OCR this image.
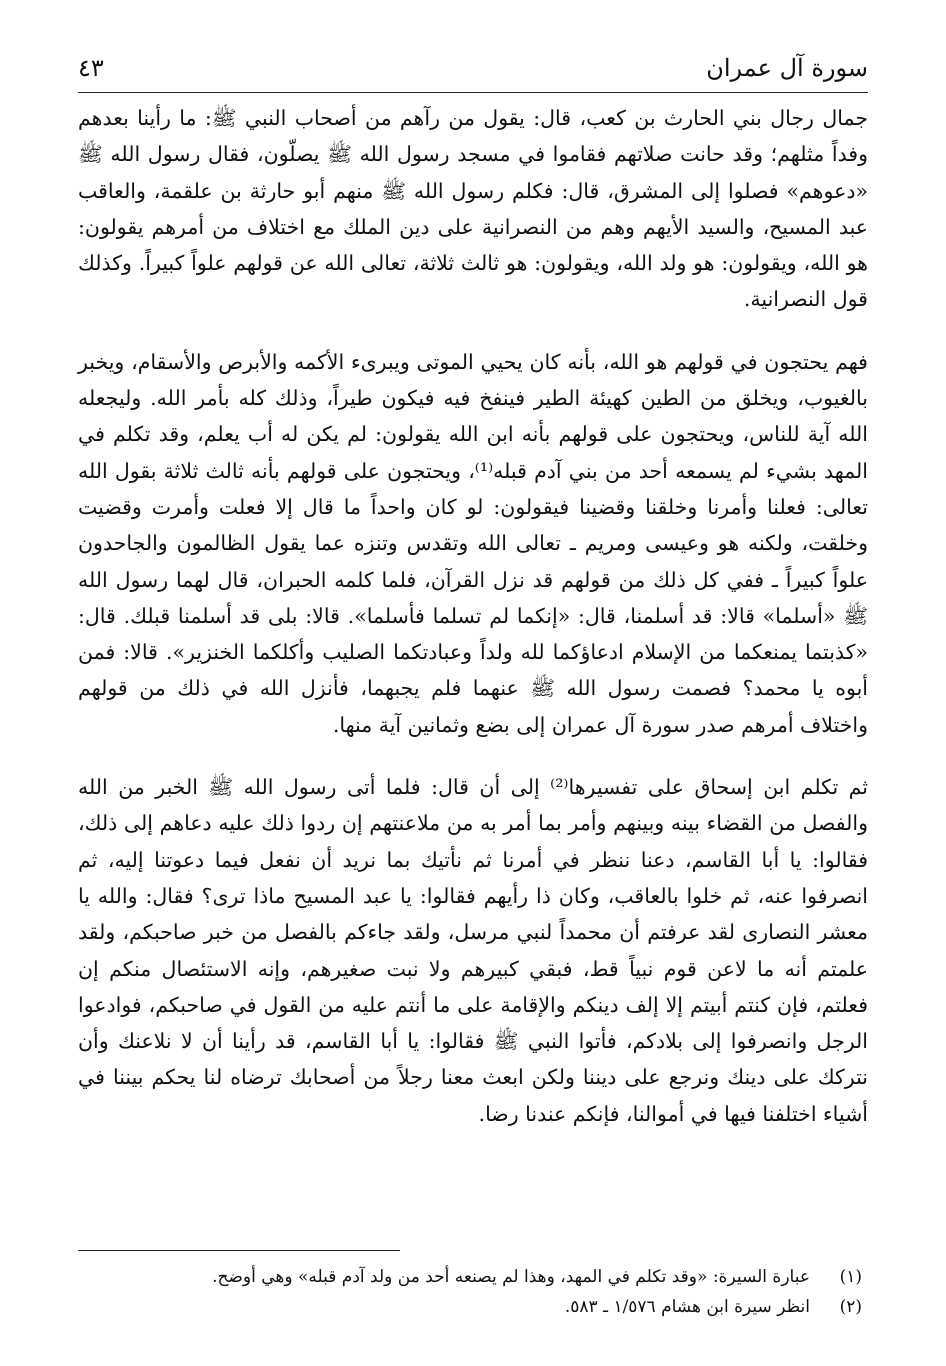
سورة آل عمران
٤٣

جمال رجال بني الحارث بن كعب، قال: يقول من رآهم من أصحاب النبي ﷺ: ما رأينا بعدهم وفداً مثلهم؛ وقد حانت صلاتهم فقاموا في مسجد رسول الله ﷺ يصلّون، فقال رسول الله ﷺ «دعوهم» فصلوا إلى المشرق، قال: فكلم رسول الله ﷺ منهم أبو حارثة بن علقمة، والعاقب عبد المسيح، والسيد الأيهم وهم من النصرانية على دين الملك مع اختلاف من أمرهم يقولون: هو الله، ويقولون: هو ولد الله، ويقولون: هو ثالث ثلاثة، تعالى الله عن قولهم علواً كبيراً. وكذلك قول النصرانية.

فهم يحتجون في قولهم هو الله، بأنه كان يحيي الموتى ويبرىء الأكمه والأبرص والأسقام، ويخبر بالغيوب، ويخلق من الطين كهيئة الطير فينفخ فيه فيكون طيراً، وذلك كله بأمر الله. وليجعله الله آية للناس، ويحتجون على قولهم بأنه ابن الله يقولون: لم يكن له أب يعلم، وقد تكلم في المهد بشيء لم يسمعه أحد من بني آدم قبله⁽¹⁾، ويحتجون على قولهم بأنه ثالث ثلاثة بقول الله تعالى: فعلنا وأمرنا وخلقنا وقضينا فيقولون: لو كان واحداً ما قال إلا فعلت وأمرت وقضيت وخلقت، ولكنه هو وعيسى ومريم ـ تعالى الله وتقدس وتنزه عما يقول الظالمون والجاحدون علواً كبيراً ـ ففي كل ذلك من قولهم قد نزل القرآن، فلما كلمه الحبران، قال لهما رسول الله ﷺ «أسلما» قالا: قد أسلمنا، قال: «إنكما لم تسلما فأسلما». قالا: بلى قد أسلمنا قبلك. قال: «كذبتما يمنعكما من الإسلام ادعاؤكما لله ولداً وعبادتكما الصليب وأكلكما الخنزير». قالا: فمن أبوه يا محمد؟ فصمت رسول الله ﷺ عنهما فلم يجبهما، فأنزل الله في ذلك من قولهم واختلاف أمرهم صدر سورة آل عمران إلى بضع وثمانين آية منها.

ثم تكلم ابن إسحاق على تفسيرها⁽²⁾ إلى أن قال: فلما أتى رسول الله ﷺ الخبر من الله والفصل من القضاء بينه وبينهم وأمر بما أمر به من ملاعنتهم إن ردوا ذلك عليه دعاهم إلى ذلك، فقالوا: يا أبا القاسم، دعنا ننظر في أمرنا ثم نأتيك بما نريد أن نفعل فيما دعوتنا إليه، ثم انصرفوا عنه، ثم خلوا بالعاقب، وكان ذا رأيهم فقالوا: يا عبد المسيح ماذا ترى؟ فقال: والله يا معشر النصارى لقد عرفتم أن محمداً لنبي مرسل، ولقد جاءكم بالفصل من خبر صاحبكم، ولقد علمتم أنه ما لاعن قوم نبياً قط، فبقي كبيرهم ولا نبت صغيرهم، وإنه الاستئصال منكم إن فعلتم، فإن كنتم أبيتم إلا إلف دينكم والإقامة على ما أنتم عليه من القول في صاحبكم، فوادعوا الرجل وانصرفوا إلى بلادكم، فأتوا النبي ﷺ فقالوا: يا أبا القاسم، قد رأينا أن لا نلاعنك وأن نتركك على دينك ونرجع على ديننا ولكن ابعث معنا رجلاً من أصحابك ترضاه لنا يحكم بيننا في أشياء اختلفنا فيها في أموالنا، فإنكم عندنا رضا.

(١)
عبارة السيرة: «وقد تكلم في المهد، وهذا لم يصنعه أحد من ولد آدم قبله» وهي أوضح.
(٢)
انظر سيرة ابن هشام ١/٥٧٦ ـ ٥٨٣.
